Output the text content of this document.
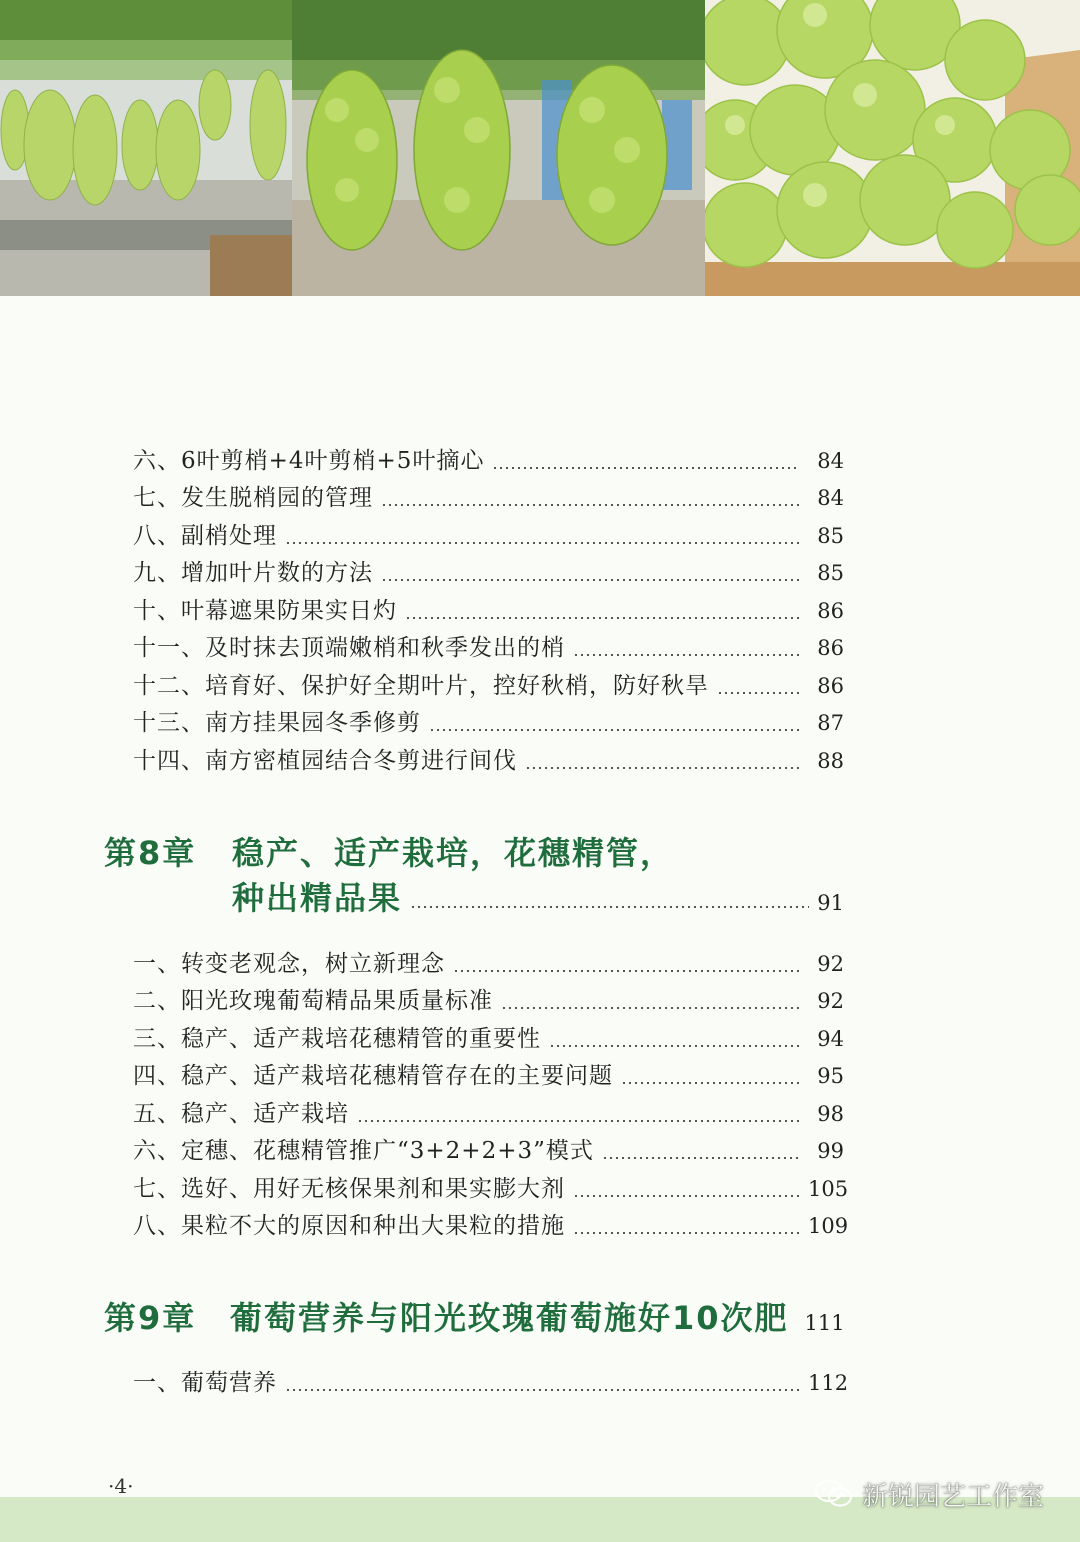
六、6叶剪梢+4叶剪梢+5叶摘心	84
七、发生脱梢园的管理	84
八、副梢处理	85
九、增加叶片数的方法	85
十、叶幕遮果防果实日灼	86
十一、及时抹去顶端嫩梢和秋季发出的梢	86
十二、培育好、保护好全期叶片，控好秋梢，防好秋旱	86
十三、南方挂果园冬季修剪	87
十四、南方密植园结合冬剪进行间伐	88
第8章 稳产、适产栽培，花穗精管，
种出精品果	91
一、转变老观念，树立新理念	92
二、阳光玫瑰葡萄精品果质量标准	92
三、稳产、适产栽培花穗精管的重要性	94
四、稳产、适产栽培花穗精管存在的主要问题	95
五、稳产、适产栽培	98
六、定穗、花穗精管推广“3+2+2+3”模式	99
七、选好、用好无核保果剂和果实膨大剂	105
八、果粒不大的原因和种出大果粒的措施	109
第9章 葡萄营养与阳光玫瑰葡萄施好10次肥 111
一、葡萄营养	112
·4·	新锐园艺工作室
